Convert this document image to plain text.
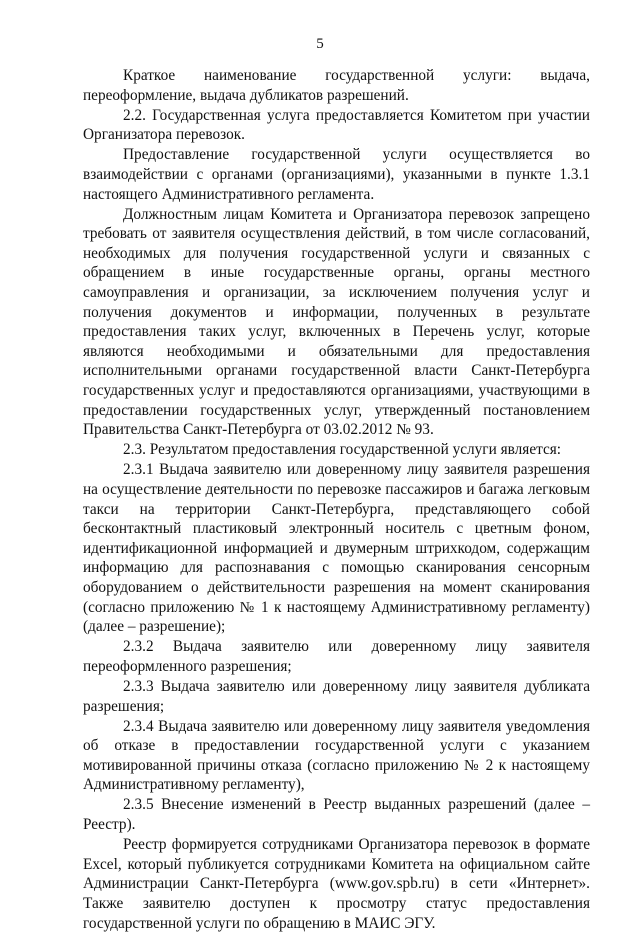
5

Краткое наименование государственной услуги: выдача, переоформление, выдача дубликатов разрешений.

2.2. Государственная услуга предоставляется Комитетом при участии Организатора перевозок.

Предоставление государственной услуги осуществляется во взаимодействии с органами (организациями), указанными в пункте 1.3.1 настоящего Административного регламента.

Должностным лицам Комитета и Организатора перевозок запрещено требовать от заявителя осуществления действий, в том числе согласований, необходимых для получения государственной услуги и связанных с обращением в иные государственные органы, органы местного самоуправления и организации, за исключением получения услуг и получения документов и информации, полученных в результате предоставления таких услуг, включенных в Перечень услуг, которые являются необходимыми и обязательными для предоставления исполнительными органами государственной власти Санкт-Петербурга государственных услуг и предоставляются организациями, участвующими в предоставлении государственных услуг, утвержденный постановлением Правительства Санкт-Петербурга от 03.02.2012 № 93.

2.3. Результатом предоставления государственной услуги является:

2.3.1 Выдача заявителю или доверенному лицу заявителя разрешения на осуществление деятельности по перевозке пассажиров и багажа легковым такси на территории Санкт-Петербурга, представляющего собой бесконтактный пластиковый электронный носитель с цветным фоном, идентификационной информацией и двумерным штрихкодом, содержащим информацию для распознавания с помощью сканирования сенсорным оборудованием о действительности разрешения на момент сканирования (согласно приложению № 1 к настоящему Административному регламенту) (далее – разрешение);

2.3.2 Выдача заявителю или доверенному лицу заявителя переоформленного разрешения;

2.3.3 Выдача заявителю или доверенному лицу заявителя дубликата разрешения;

2.3.4 Выдача заявителю или доверенному лицу заявителя уведомления об отказе в предоставлении государственной услуги с указанием мотивированной причины отказа (согласно приложению № 2 к настоящему Административному регламенту),

2.3.5 Внесение изменений в Реестр выданных разрешений (далее – Реестр).

Реестр формируется сотрудниками Организатора перевозок в формате Excel, который публикуется сотрудниками Комитета на официальном сайте Администрации Санкт-Петербурга (www.gov.spb.ru) в сети «Интернет». Также заявителю доступен к просмотру статус предоставления государственной услуги по обращению в МАИС ЭГУ.
